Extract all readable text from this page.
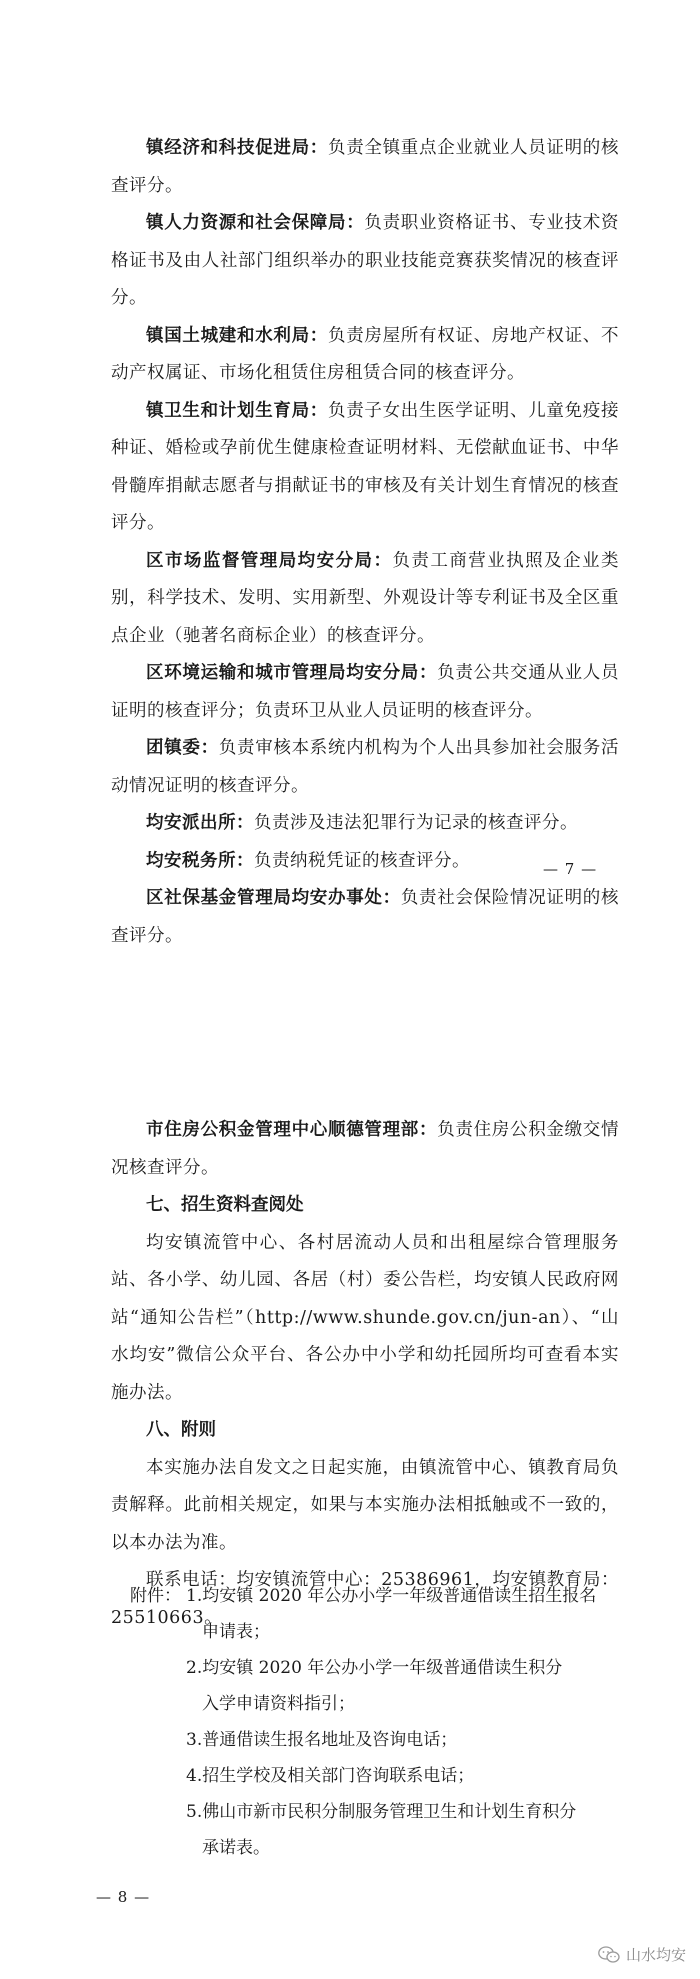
镇经济和科技促进局：负责全镇重点企业就业人员证明的核查评分。

镇人力资源和社会保障局：负责职业资格证书、专业技术资格证书及由人社部门组织举办的职业技能竞赛获奖情况的核查评分。

镇国土城建和水利局：负责房屋所有权证、房地产权证、不动产权属证、市场化租赁住房租赁合同的核查评分。

镇卫生和计划生育局：负责子女出生医学证明、儿童免疫接种证、婚检或孕前优生健康检查证明材料、无偿献血证书、中华骨髓库捐献志愿者与捐献证书的审核及有关计划生育情况的核查评分。

区市场监督管理局均安分局：负责工商营业执照及企业类别，科学技术、发明、实用新型、外观设计等专利证书及全区重点企业（驰著名商标企业）的核查评分。

区环境运输和城市管理局均安分局：负责公共交通从业人员证明的核查评分；负责环卫从业人员证明的核查评分。

团镇委：负责审核本系统内机构为个人出具参加社会服务活动情况证明的核查评分。

均安派出所：负责涉及违法犯罪行为记录的核查评分。

均安税务所：负责纳税凭证的核查评分。

区社保基金管理局均安办事处：负责社会保险情况证明的核查评分。

— 7 —

市住房公积金管理中心顺德管理部：负责住房公积金缴交情况核查评分。

七、招生资料查阅处

均安镇流管中心、各村居流动人员和出租屋综合管理服务站、各小学、幼儿园、各居（村）委公告栏，均安镇人民政府网站“通知公告栏”（http://www.shunde.gov.cn/jun-an）、“山水均安”微信公众平台、各公办中小学和幼托园所均可查看本实施办法。

八、附则

本实施办法自发文之日起实施，由镇流管中心、镇教育局负责解释。此前相关规定，如果与本实施办法相抵触或不一致的，以本办法为准。

联系电话：均安镇流管中心：25386961，均安镇教育局：25510663。

附件： 1.均安镇 2020 年公办小学一年级普通借读生招生报名
申请表；
2.均安镇 2020 年公办小学一年级普通借读生积分
入学申请资料指引；
3.普通借读生报名地址及咨询电话；
4.招生学校及相关部门咨询联系电话；
5.佛山市新市民积分制服务管理卫生和计划生育积分
承诺表。
— 8 —
山水均安
